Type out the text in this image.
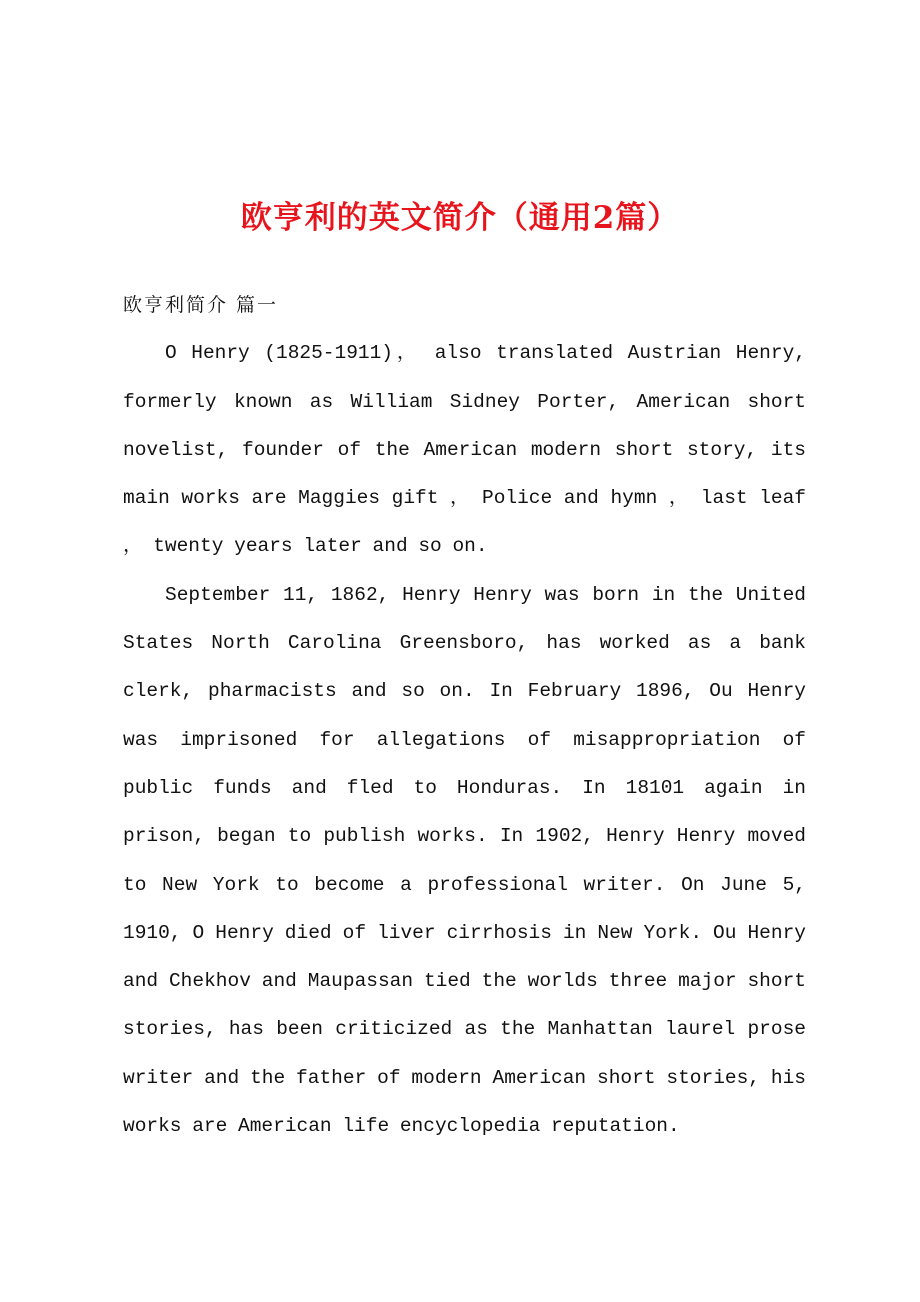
欧亨利的英文简介（通用2篇）
欧亨利简介 篇一

O Henry (1825-1911)， also translated Austrian Henry, formerly known as William Sidney Porter, American short novelist, founder of the American modern short story, its main works are Maggies gift ， Police and hymn ， last leaf ， twenty years later and so on.

September 11, 1862, Henry Henry was born in the United States North Carolina Greensboro, has worked as a bank clerk, pharmacists and so on. In February 1896, Ou Henry was imprisoned for allegations of misappropriation of public funds and fled to Honduras. In 18101 again in prison, began to publish works. In 1902, Henry Henry moved to New York to become a professional writer. On June 5, 1910, O Henry died of liver cirrhosis in New York. Ou Henry and Chekhov and Maupassan tied the worlds three major short stories, has been criticized as the Manhattan laurel prose writer and the father of modern American short stories, his works are American life encyclopedia reputation.
